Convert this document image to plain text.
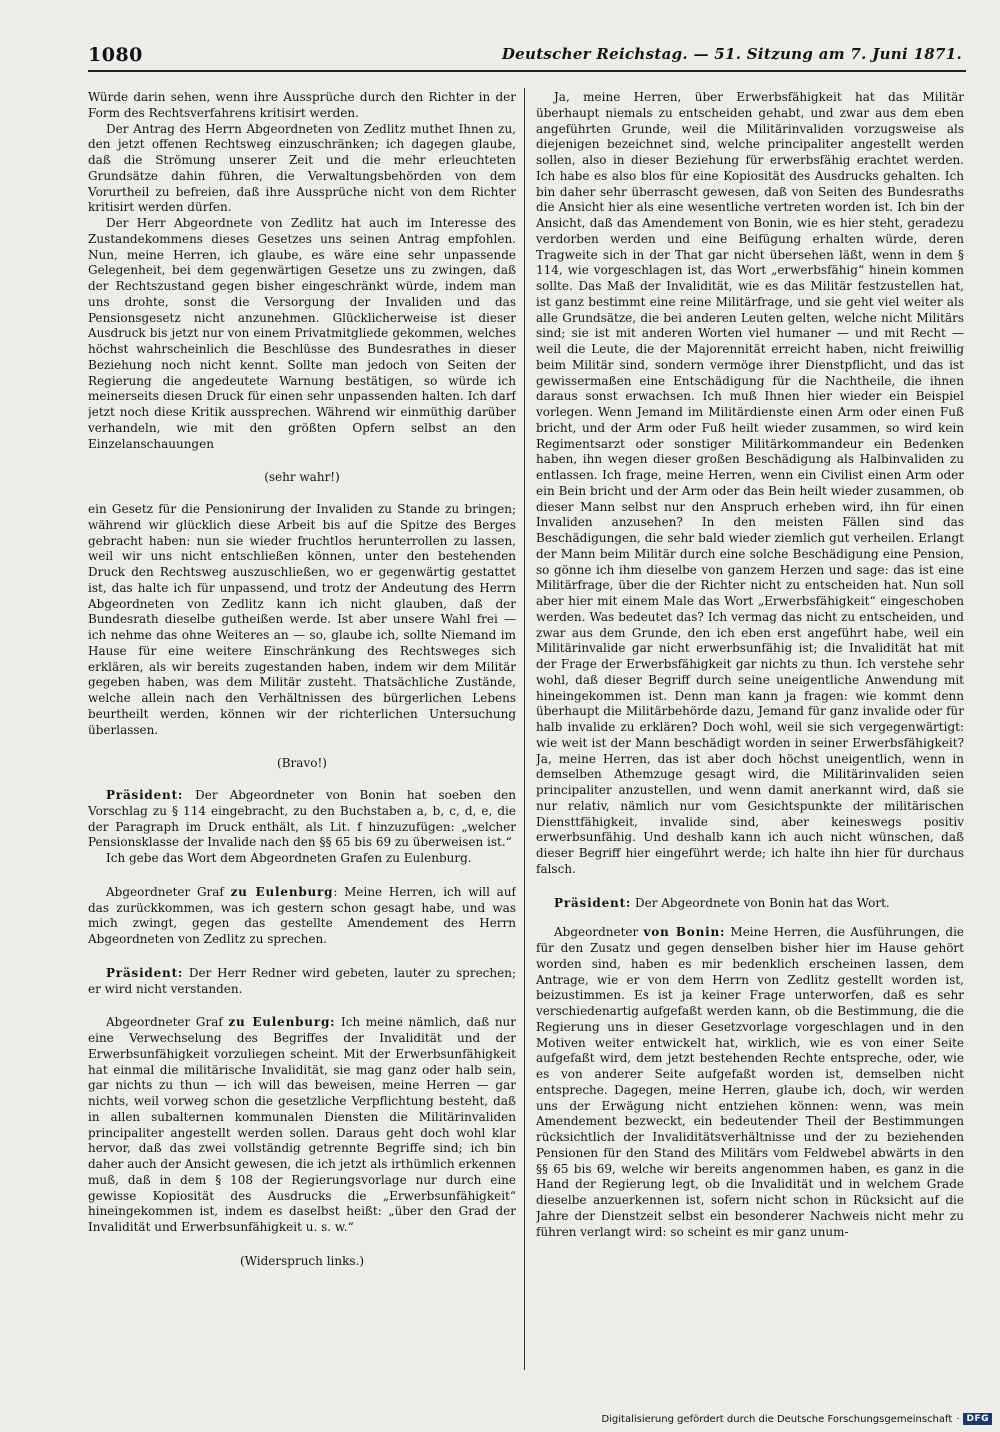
1080	Deutscher Reichstag. — 51. Sitzung am 7. Juni 1871.

Würde darin sehen, wenn ihre Aussprüche durch den Richter in der Form des Rechtsverfahrens kritisirt werden.

Der Antrag des Herrn Abgeordneten von Zedlitz muthet Ihnen zu, den jetzt offenen Rechtsweg einzuschränken; ich dagegen glaube, daß die Strömung unserer Zeit und die mehr erleuchteten Grundsätze dahin führen, die Verwaltungsbehörden von dem Vorurtheil zu befreien, daß ihre Aussprüche nicht von dem Richter kritisirt werden dürfen.

Der Herr Abgeordnete von Zedlitz hat auch im Interesse des Zustandekommens dieses Gesetzes uns seinen Antrag empfohlen. Nun, meine Herren, ich glaube, es wäre eine sehr unpassende Gelegenheit, bei dem gegenwärtigen Gesetze uns zu zwingen, daß der Rechtszustand gegen bisher eingeschränkt würde, indem man uns drohte, sonst die Versorgung der Invaliden und das Pensionsgesetz nicht anzunehmen. Glücklicherweise ist dieser Ausdruck bis jetzt nur von einem Privatmitgliede gekommen, welches höchst wahrscheinlich die Beschlüsse des Bundesrathes in dieser Beziehung noch nicht kennt. Sollte man jedoch von Seiten der Regierung die angedeutete Warnung bestätigen, so würde ich meinerseits diesen Druck für einen sehr unpassenden halten. Ich darf jetzt noch diese Kritik aussprechen. Während wir einmüthig darüber verhandeln, wie mit den größten Opfern selbst an den Einzelanschauungen

(sehr wahr!)

ein Gesetz für die Pensionirung der Invaliden zu Stande zu bringen; während wir glücklich diese Arbeit bis auf die Spitze des Berges gebracht haben: nun sie wieder fruchtlos herunterrollen zu lassen, weil wir uns nicht entschließen können, unter den bestehenden Druck den Rechtsweg auszuschließen, wo er gegenwärtig gestattet ist, das halte ich für unpassend, und trotz der Andeutung des Herrn Abgeordneten von Zedlitz kann ich nicht glauben, daß der Bundesrath dieselbe gutheißen werde. Ist aber unsere Wahl frei — ich nehme das ohne Weiteres an — so, glaube ich, sollte Niemand im Hause für eine weitere Einschränkung des Rechtsweges sich erklären, als wir bereits zugestanden haben, indem wir dem Militär gegeben haben, was dem Militär zusteht. Thatsächliche Zustände, welche allein nach den Verhältnissen des bürgerlichen Lebens beurtheilt werden, können wir der richterlichen Untersuchung überlassen.

(Bravo!)

Präsident: Der Abgeordneter von Bonin hat soeben den Vorschlag zu § 114 eingebracht, zu den Buchstaben a, b, c, d, e, die der Paragraph im Druck enthält, als Lit. f hinzuzufügen: „welcher Pensionsklasse der Invalide nach den §§ 65 bis 69 zu überweisen ist.“

Ich gebe das Wort dem Abgeordneten Grafen zu Eulenburg.

Abgeordneter Graf zu Eulenburg: Meine Herren, ich will auf das zurückkommen, was ich gestern schon gesagt habe, und was mich zwingt, gegen das gestellte Amendement des Herrn Abgeordneten von Zedlitz zu sprechen.

Präsident: Der Herr Redner wird gebeten, lauter zu sprechen; er wird nicht verstanden.

Abgeordneter Graf zu Eulenburg: Ich meine nämlich, daß nur eine Verwechselung des Begriffes der Invalidität und der Erwerbsunfähigkeit vorzuliegen scheint. Mit der Erwerbsunfähigkeit hat einmal die militärische Invalidität, sie mag ganz oder halb sein, gar nichts zu thun — ich will das beweisen, meine Herren — gar nichts, weil vorweg schon die gesetzliche Verpflichtung besteht, daß in allen subalternen kommunalen Diensten die Militärinvaliden principaliter angestellt werden sollen. Daraus geht doch wohl klar hervor, daß das zwei vollständig getrennte Begriffe sind; ich bin daher auch der Ansicht gewesen, die ich jetzt als irthümlich erkennen muß, daß in dem § 108 der Regierungsvorlage nur durch eine gewisse Kopiosität des Ausdrucks die „Erwerbsunfähigkeit“ hineingekommen ist, indem es daselbst heißt: „über den Grad der Invalidität und Erwerbsunfähigkeit u. s. w.“

(Widerspruch links.)

Ja, meine Herren, über Erwerbsfähigkeit hat das Militär überhaupt niemals zu entscheiden gehabt, und zwar aus dem eben angeführten Grunde, weil die Militärinvaliden vorzugsweise als diejenigen bezeichnet sind, welche principaliter angestellt werden sollen, also in dieser Beziehung für erwerbsfähig erachtet werden. Ich habe es also blos für eine Kopiosität des Ausdrucks gehalten. Ich bin daher sehr überrascht gewesen, daß von Seiten des Bundesraths die Ansicht hier als eine wesentliche vertreten worden ist. Ich bin der Ansicht, daß das Amendement von Bonin, wie es hier steht, geradezu verdorben werden und eine Beifügung erhalten würde, deren Tragweite sich in der That gar nicht übersehen läßt, wenn in dem § 114, wie vorgeschlagen ist, das Wort „erwerbsfähig“ hinein kommen sollte. Das Maß der Invalidität, wie es das Militär festzustellen hat, ist ganz bestimmt eine reine Militärfrage, und sie geht viel weiter als alle Grundsätze, die bei anderen Leuten gelten, welche nicht Militärs sind; sie ist mit anderen Worten viel humaner — und mit Recht — weil die Leute, die der Majorennität erreicht haben, nicht freiwillig beim Militär sind, sondern vermöge ihrer Dienstpflicht, und das ist gewissermaßen eine Entschädigung für die Nachtheile, die ihnen daraus sonst erwachsen. Ich muß Ihnen hier wieder ein Beispiel vorlegen. Wenn Jemand im Militärdienste einen Arm oder einen Fuß bricht, und der Arm oder Fuß heilt wieder zusammen, so wird kein Regimentsarzt oder sonstiger Militärkommandeur ein Bedenken haben, ihn wegen dieser großen Beschädigung als Halbinvaliden zu entlassen. Ich frage, meine Herren, wenn ein Civilist einen Arm oder ein Bein bricht und der Arm oder das Bein heilt wieder zusammen, ob dieser Mann selbst nur den Anspruch erheben wird, ihn für einen Invaliden anzusehen? In den meisten Fällen sind das Beschädigungen, die sehr bald wieder ziemlich gut verheilen. Erlangt der Mann beim Militär durch eine solche Beschädigung eine Pension, so gönne ich ihm dieselbe von ganzem Herzen und sage: das ist eine Militärfrage, über die der Richter nicht zu entscheiden hat. Nun soll aber hier mit einem Male das Wort „Erwerbsfähigkeit“ eingeschoben werden. Was bedeutet das? Ich vermag das nicht zu entscheiden, und zwar aus dem Grunde, den ich eben erst angeführt habe, weil ein Militärinvalide gar nicht erwerbsunfähig ist; die Invalidität hat mit der Frage der Erwerbsfähigkeit gar nichts zu thun. Ich verstehe sehr wohl, daß dieser Begriff durch seine uneigentliche Anwendung mit hineingekommen ist. Denn man kann ja fragen: wie kommt denn überhaupt die Militärbehörde dazu, Jemand für ganz invalide oder für halb invalide zu erklären? Doch wohl, weil sie sich vergegenwärtigt: wie weit ist der Mann beschädigt worden in seiner Erwerbsfähigkeit? Ja, meine Herren, das ist aber doch höchst uneigentlich, wenn in demselben Athemzuge gesagt wird, die Militärinvaliden seien principaliter anzustellen, und wenn damit anerkannt wird, daß sie nur relativ, nämlich nur vom Gesichtspunkte der militärischen Diensttfähigkeit, invalide sind, aber keineswegs positiv erwerbsunfähig. Und deshalb kann ich auch nicht wünschen, daß dieser Begriff hier eingeführt werde; ich halte ihn hier für durchaus falsch.

Präsident: Der Abgeordnete von Bonin hat das Wort.

Abgeordneter von Bonin: Meine Herren, die Ausführungen, die für den Zusatz und gegen denselben bisher hier im Hause gehört worden sind, haben es mir bedenklich erscheinen lassen, dem Antrage, wie er von dem Herrn von Zedlitz gestellt worden ist, beizustimmen. Es ist ja keiner Frage unterworfen, daß es sehr verschiedenartig aufgefaßt werden kann, ob die Bestimmung, die die Regierung uns in dieser Gesetzvorlage vorgeschlagen und in den Motiven weiter entwickelt hat, wirklich, wie es von einer Seite aufgefaßt wird, dem jetzt bestehenden Rechte entspreche, oder, wie es von anderer Seite aufgefaßt worden ist, demselben nicht entspreche. Dagegen, meine Herren, glaube ich, doch, wir werden uns der Erwägung nicht entziehen können: wenn, was mein Amendement bezweckt, ein bedeutender Theil der Bestimmungen rücksichtlich der Invaliditätsverhältnisse und der zu beziehenden Pensionen für den Stand des Militärs vom Feldwebel abwärts in den §§ 65 bis 69, welche wir bereits angenommen haben, es ganz in die Hand der Regierung legt, ob die Invalidität und in welchem Grade dieselbe anzuerkennen ist, sofern nicht schon in Rücksicht auf die Jahre der Dienstzeit selbst ein besonderer Nachweis nicht mehr zu führen verlangt wird: so scheint es mir ganz unum-

Digitalisierung gefördert durch die Deutsche Forschungsgemeinschaft · DFG
